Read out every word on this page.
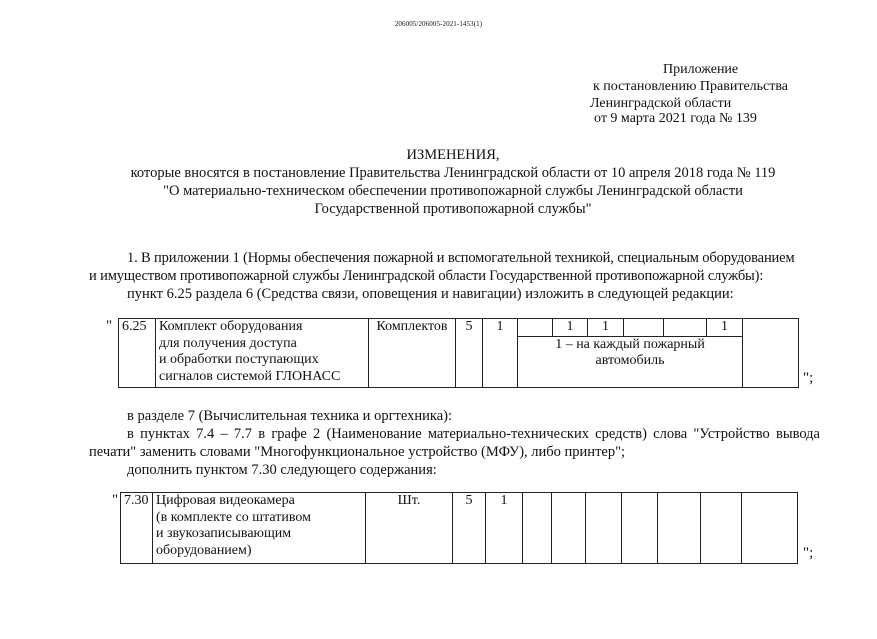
206005/206005-2021-1453(1)
Приложение
к постановлению Правительства
Ленинградской области
от 9 марта 2021 года № 139
ИЗМЕНЕНИЯ,
которые вносятся в постановление Правительства Ленинградской области от 10 апреля 2018 года № 119
"О материально-техническом обеспечении противопожарной службы Ленинградской области
Государственной противопожарной службы"
1. В приложении 1 (Нормы обеспечения пожарной и вспомогательной техникой, специальным оборудованием
и имуществом противопожарной службы Ленинградской области Государственной противопожарной службы):
пункт 6.25 раздела 6 (Средства связи, оповещения и навигации) изложить в следующей редакции:
" 6.25	Комплект оборудования
для получения доступа
и обработки поступающих
сигналов системой ГЛОНАСС
	Комплектов	5	1		1	1			1	

1 – на каждый пожарный
автомобиль
";
в разделе 7 (Вычислительная техника и оргтехника):
в пунктах 7.4 – 7.7 в графе 2 (Наименование материально-технических средств) слова "Устройство вывода
печати" заменить словами "Многофункциональное устройство (МФУ), либо принтер";
дополнить пунктом 7.30 следующего содержания:
" 7.30	Цифровая видеокамера
(в комплекте со штативом
и звукозаписывающим
оборудованием)
	Шт.	5	1							
";
